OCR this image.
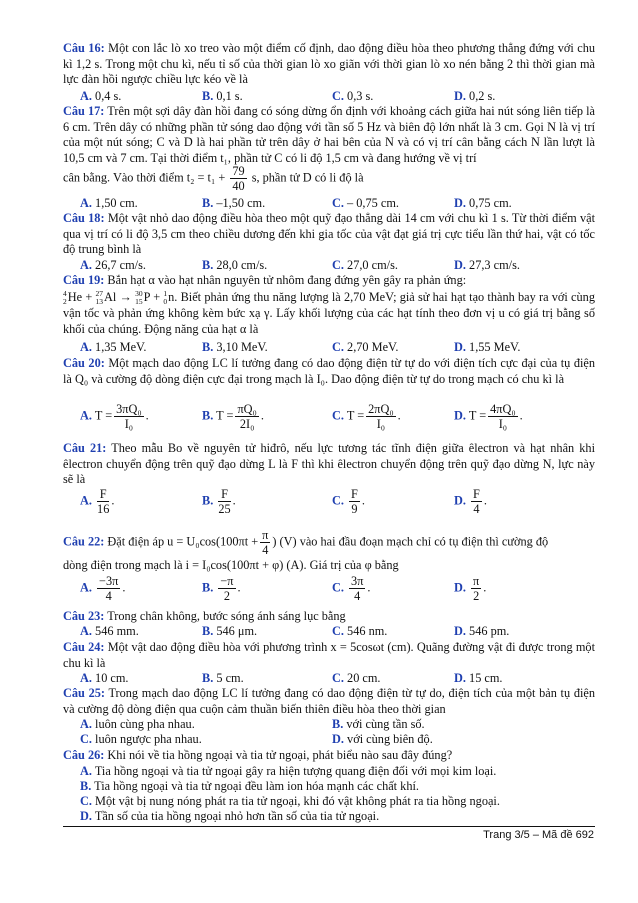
Câu 16: Một con lắc lò xo treo vào một điểm cố định, dao động điều hòa theo phương thẳng đứng với chu kì 1,2 s. Trong một chu kì, nếu tỉ số của thời gian lò xo giãn với thời gian lò xo nén bằng 2 thì thời gian mà lực đàn hồi ngược chiều lực kéo về là
A. 0,4 s.	B. 0,1 s.	C. 0,3 s.	D. 0,2 s.
Câu 17: Trên một sợi dây đàn hồi đang có sóng dừng ổn định với khoảng cách giữa hai nút sóng liên tiếp là 6 cm. Trên dây có những phần tử sóng dao động với tần số 5 Hz và biên độ lớn nhất là 3 cm. Gọi N là vị trí của một nút sóng; C và D là hai phần tử trên dây ở hai bên của N và có vị trí cân bằng cách N lần lượt là 10,5 cm và 7 cm. Tại thời điểm t₁, phần tử C có li độ 1,5 cm và đang hướng về vị trí
cân bằng. Vào thời điểm $t_2 = t_1 + \frac{79}{40} s$, phần tử D có li độ là
A. 1,50 cm.	B. –1,50 cm.	C. – 0,75 cm.	D. 0,75 cm.
Câu 18: Một vật nhỏ dao động điều hòa theo một quỹ đạo thẳng dài 14 cm với chu kì 1 s. Từ thời điểm vật qua vị trí có li độ 3,5 cm theo chiều dương đến khi gia tốc của vật đạt giá trị cực tiểu lần thứ hai, vật có tốc độ trung bình là
A. 26,7 cm/s.	B. 28,0 cm/s.	C. 27,0 cm/s.	D. 27,3 cm/s.
Câu 19: Bắn hạt α vào hạt nhân nguyên tử nhôm đang đứng yên gây ra phản ứng:
4
2 He + 27
13 Al → 30
15 P + 1
0 n. Biết phản ứng thu năng lượng là 2,70 MeV; giả sử hai hạt tạo thành bay ra với cùng vận tốc và phản ứng không kèm bức xạ γ. Lấy khối lượng của các hạt tính theo đơn vị u có giá trị bằng số khối của chúng. Động năng của hạt α là
A. 1,35 MeV.	B. 3,10 MeV.	C. 2,70 MeV.	D. 1,55 MeV.
Câu 20: Một mạch dao động LC lí tưởng đang có dao động điện từ tự do với điện tích cực đại của tụ điện là Q₀ và cường độ dòng điện cực đại trong mạch là I₀. Dao động điện từ tự do trong mạch có chu kì là
A. $T = \frac{\text{3πQ₀}}{\text{I₀}}$ .	B. $T = \frac{\text{πQ₀}}{\text{2I₀}}$ .	C. $T = \frac{\text{2πQ₀}}{\text{I₀}}$ .	D. $T = \frac{\text{4πQ₀}}{\text{I₀}}$ .
Câu 21: Theo mẫu Bo về nguyên tử hiđrô, nếu lực tương tác tĩnh điện giữa êlectron và hạt nhân khi êlectron chuyển động trên quỹ đạo dừng L là F thì khi êlectron chuyển động trên quỹ đạo dừng N, lực này sẽ là
A. $\frac{F}{16}$ .	B. $\frac{F}{25}$ .	C. $\frac{F}{9}$ .	D. $\frac{F}{4}$ .
Câu 22: Đặt điện áp $u = U_0\cos(100\pi t + \frac{\pi}{4}$ ) (V) vào hai đầu đoạn mạch chỉ có tụ điện thì cường độ
dòng điện trong mạch là i = I₀cos(100πt + φ) (A). Giá trị của φ bằng
A. $\frac{-3\pi}{4}$ .	B. $\frac{-\pi}{2}$ .	C. $\frac{3\pi}{4}$ .	D. $\frac{\pi}{2}$ .
Câu 23: Trong chân không, bước sóng ánh sáng lục bằng
A. 546 mm.	B. 546 μm.	C. 546 nm.	D. 546 pm.
Câu 24: Một vật dao động điều hòa với phương trình x = 5cosωt (cm). Quãng đường vật đi được trong một chu kì là
A. 10 cm.	B. 5 cm.	C. 20 cm.	D. 15 cm.
Câu 25: Trong mạch dao động LC lí tưởng đang có dao động điện từ tự do, điện tích của một bản tụ điện và cường độ dòng điện qua cuộn cảm thuần biến thiên điều hòa theo thời gian
A. luôn cùng pha nhau.	B. với cùng tần số.
C. luôn ngược pha nhau.	D. với cùng biên độ.
Câu 26: Khi nói về tia hồng ngoại và tia tử ngoại, phát biểu nào sau đây đúng?
A. Tia hồng ngoại và tia tử ngoại gây ra hiện tượng quang điện đối với mọi kim loại.
B. Tia hồng ngoại và tia tử ngoại đều làm ion hóa mạnh các chất khí.
C. Một vật bị nung nóng phát ra tia tử ngoại, khi đó vật không phát ra tia hồng ngoại.
D. Tần số của tia hồng ngoại nhỏ hơn tần số của tia tử ngoại.
Trang 3/5 – Mã đề 692
